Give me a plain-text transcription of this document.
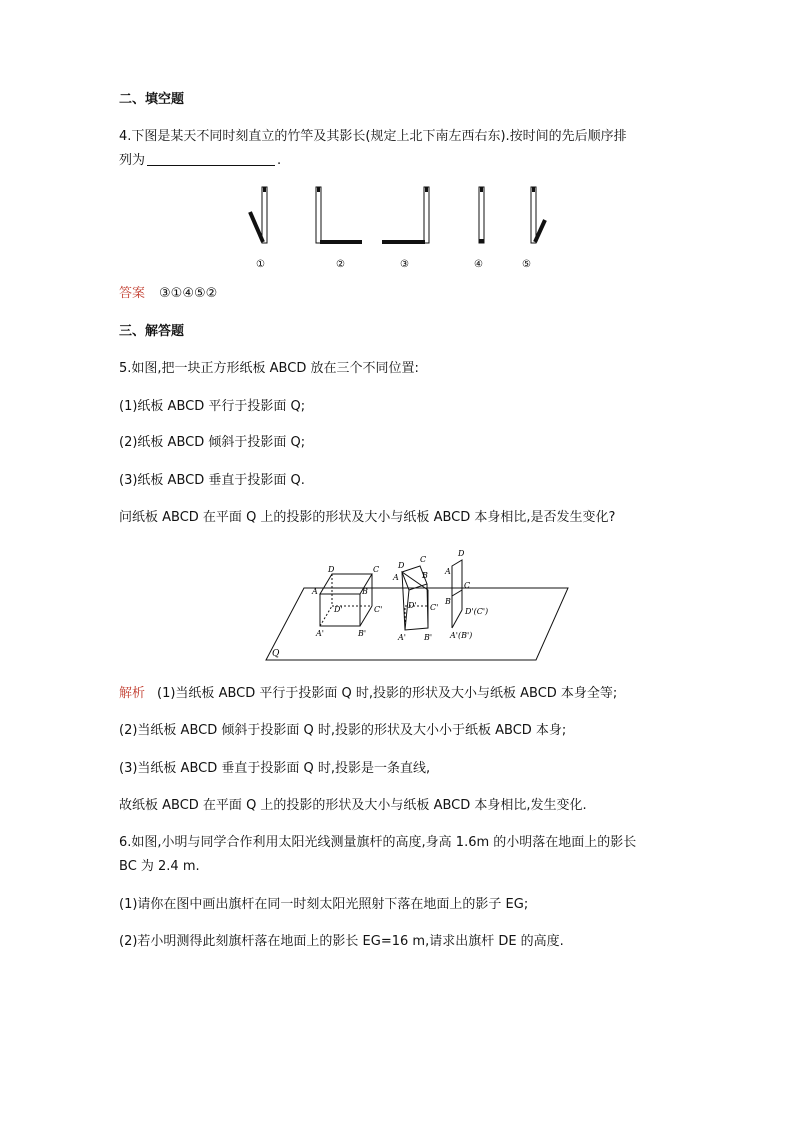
二、填空题
4.下图是某天不同时刻直立的竹竿及其影长(规定上北下南左西右东).按时间的先后顺序排
列为	.
①	②	③	④	⑤
答案 ③①④⑤②
三、解答题
5.如图,把一块正方形纸板 ABCD 放在三个不同位置:
(1)纸板 ABCD 平行于投影面 Q;
(2)纸板 ABCD 倾斜于投影面 Q;
(3)纸板 ABCD 垂直于投影面 Q.
问纸板 ABCD 在平面 Q 上的投影的形状及大小与纸板 ABCD 本身相比,是否发生变化?
Q
D	C
A	B
D'	C'
A'	B'
D
C
A	B
D' C'
A' B'
D
A
C
B
D'(C')
A'(B')
解析 (1)当纸板 ABCD 平行于投影面 Q 时,投影的形状及大小与纸板 ABCD 本身全等;
(2)当纸板 ABCD 倾斜于投影面 Q 时,投影的形状及大小小于纸板 ABCD 本身;
(3)当纸板 ABCD 垂直于投影面 Q 时,投影是一条直线,
故纸板 ABCD 在平面 Q 上的投影的形状及大小与纸板 ABCD 本身相比,发生变化.
6.如图,小明与同学合作利用太阳光线测量旗杆的高度,身高 1.6m 的小明落在地面上的影长
BC 为 2.4 m.
(1)请你在图中画出旗杆在同一时刻太阳光照射下落在地面上的影子 EG;
(2)若小明测得此刻旗杆落在地面上的影长 EG=16 m,请求出旗杆 DE 的高度.
